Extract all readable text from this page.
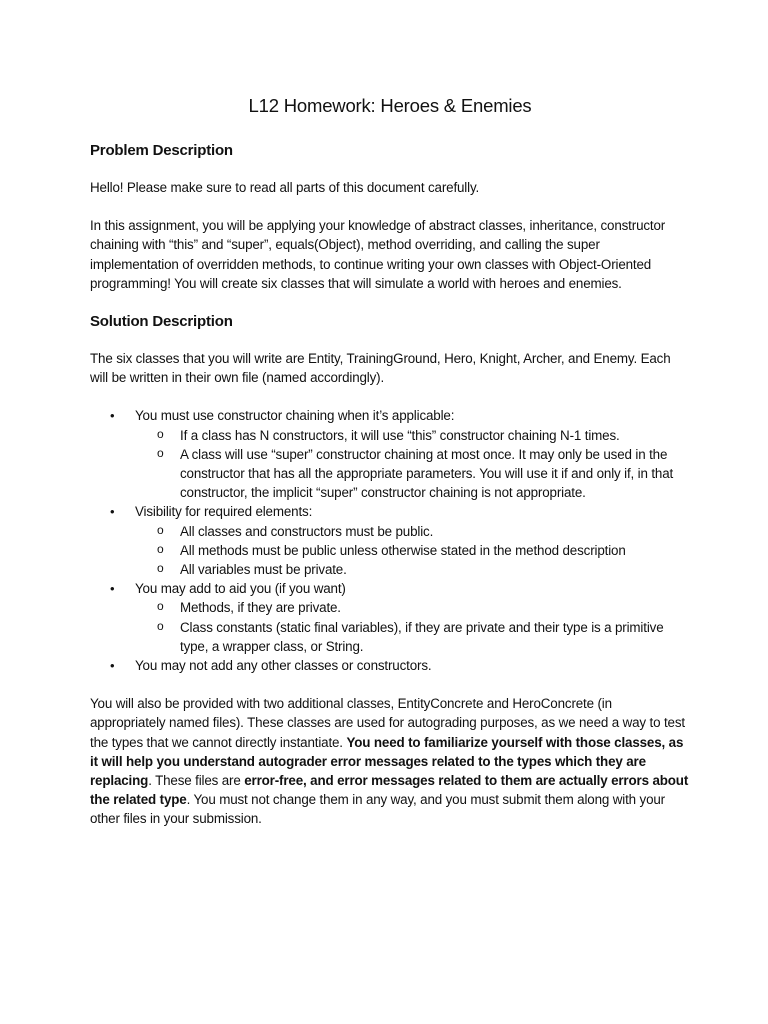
L12 Homework: Heroes & Enemies
Problem Description

Hello! Please make sure to read all parts of this document carefully.

In this assignment, you will be applying your knowledge of abstract classes, inheritance, constructor chaining with “this” and “super”, equals(Object), method overriding, and calling the super implementation of overridden methods, to continue writing your own classes with Object-Oriented programming! You will create six classes that will simulate a world with heroes and enemies.

Solution Description

The six classes that you will write are Entity, TrainingGround, Hero, Knight, Archer, and Enemy. Each will be written in their own file (named accordingly).

• You must use constructor chaining when it’s applicable:
o If a class has N constructors, it will use “this” constructor chaining N-1 times.
o A class will use “super” constructor chaining at most once. It may only be used in the constructor that has all the appropriate parameters. You will use it if and only if, in that constructor, the implicit “super” constructor chaining is not appropriate.
• Visibility for required elements:
o All classes and constructors must be public.
o All methods must be public unless otherwise stated in the method description
o All variables must be private.
• You may add to aid you (if you want)
o Methods, if they are private.
o Class constants (static final variables), if they are private and their type is a primitive type, a wrapper class, or String.
• You may not add any other classes or constructors.

You will also be provided with two additional classes, EntityConcrete and HeroConcrete (in appropriately named files). These classes are used for autograding purposes, as we need a way to test the types that we cannot directly instantiate. You need to familiarize yourself with those classes, as it will help you understand autograder error messages related to the types which they are replacing. These files are error-free, and error messages related to them are actually errors about the related type. You must not change them in any way, and you must submit them along with your other files in your submission.
